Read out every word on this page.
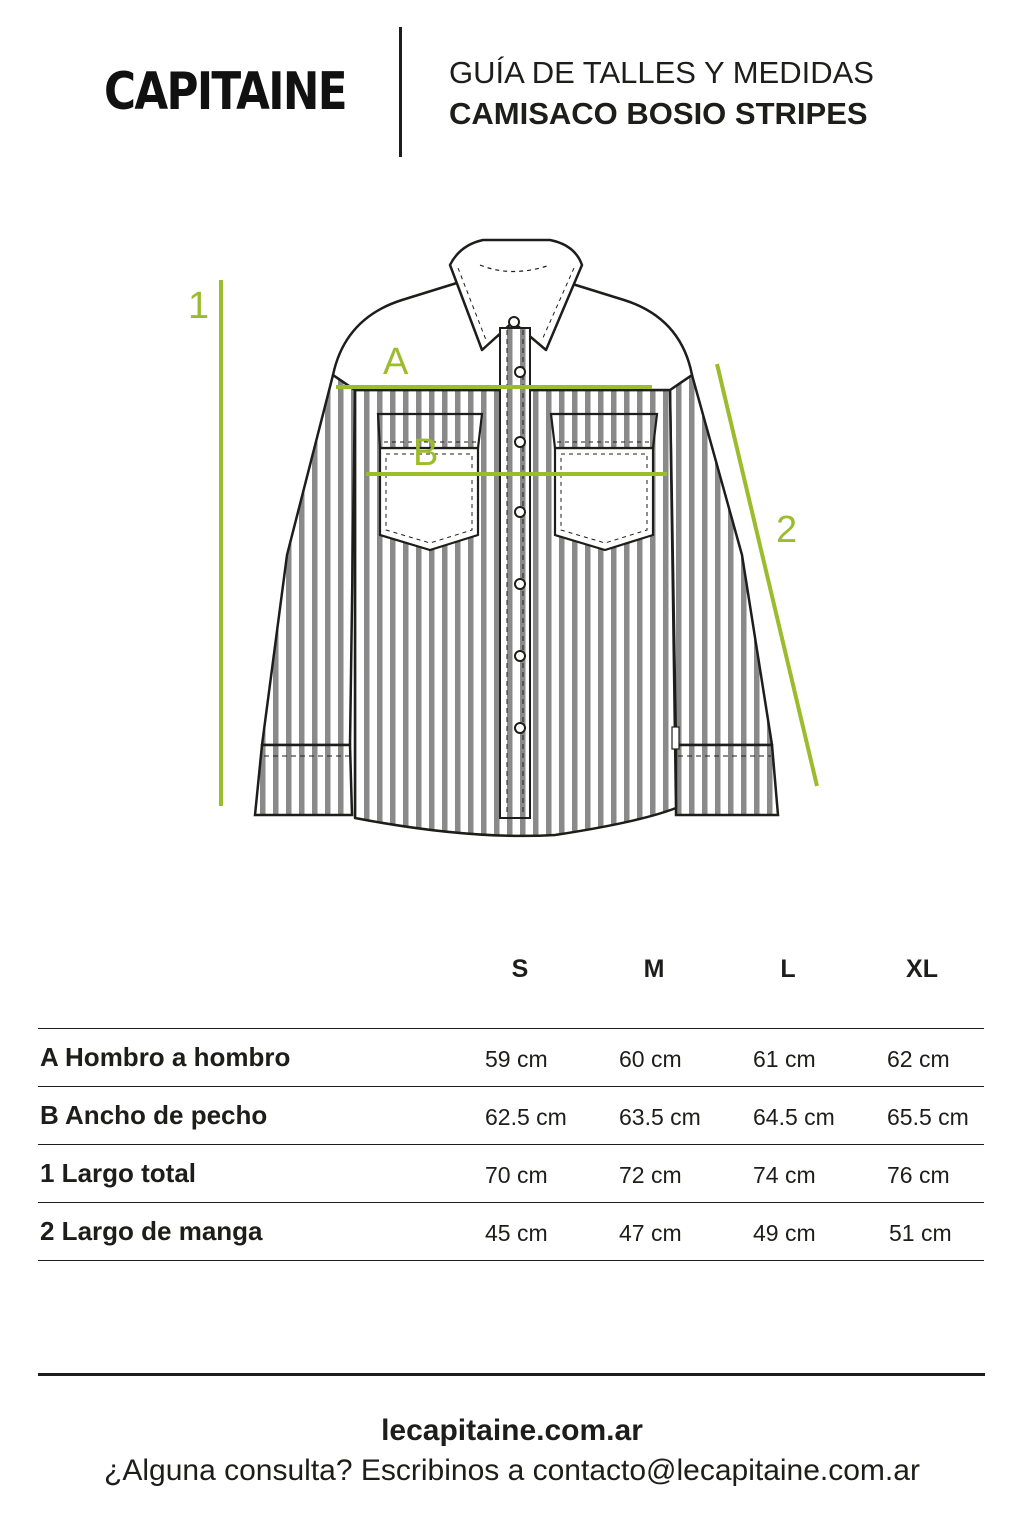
CAPITAINE	GUÍA DE TALLES Y MEDIDAS
CAMISACO BOSIO STRIPES
A
B
1
2
S	M	L	XL
A Hombro a hombro	59 cm	60 cm	61 cm	62 cm
B Ancho de pecho	62.5 cm 63.5 cm 64.5 cm 65.5 cm
1 Largo total	70 cm	72 cm	74 cm	76 cm
2 Largo de manga	45 cm	47 cm	49 cm	51 cm
lecapitaine.com.ar
¿Alguna consulta? Escribinos a contacto@lecapitaine.com.ar
